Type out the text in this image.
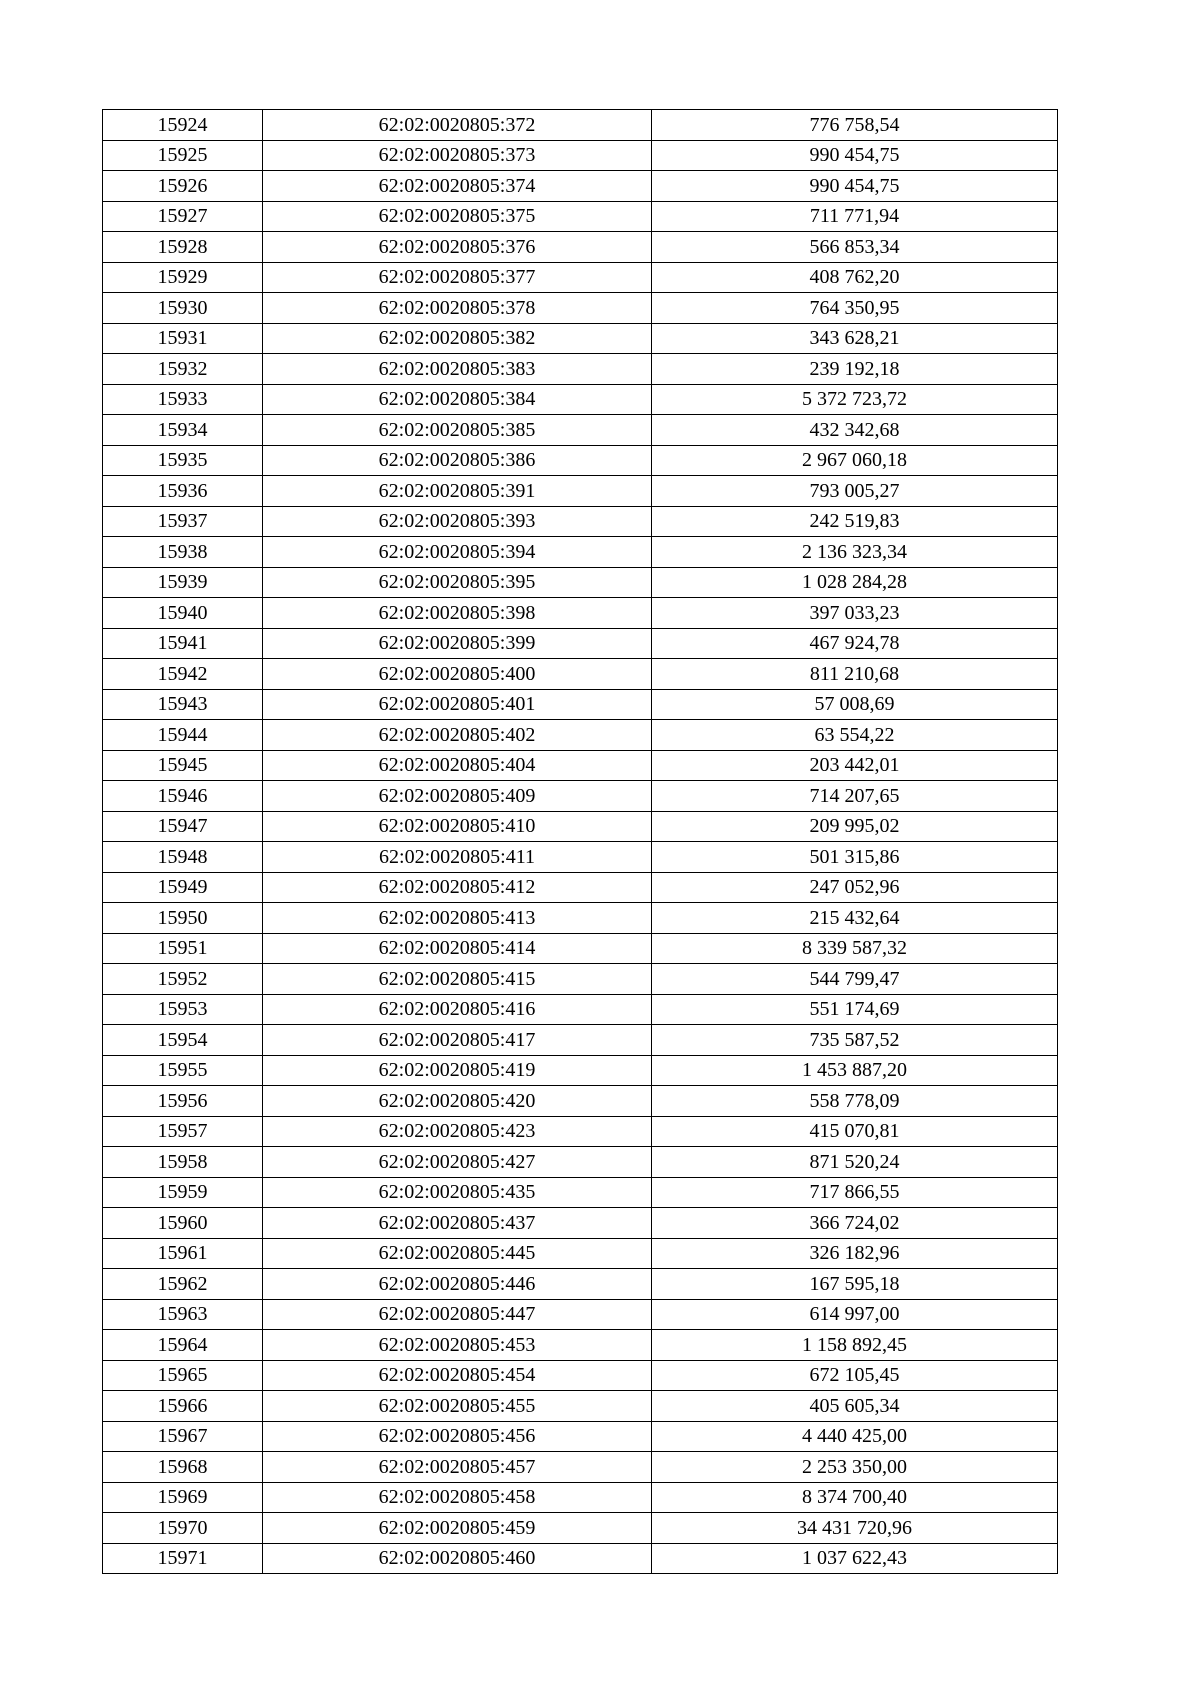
15924	62:02:0020805:372	776 758,54
15925	62:02:0020805:373	990 454,75
15926	62:02:0020805:374	990 454,75
15927	62:02:0020805:375	711 771,94
15928	62:02:0020805:376	566 853,34
15929	62:02:0020805:377	408 762,20
15930	62:02:0020805:378	764 350,95
15931	62:02:0020805:382	343 628,21
15932	62:02:0020805:383	239 192,18
15933	62:02:0020805:384	5 372 723,72
15934	62:02:0020805:385	432 342,68
15935	62:02:0020805:386	2 967 060,18
15936	62:02:0020805:391	793 005,27
15937	62:02:0020805:393	242 519,83
15938	62:02:0020805:394	2 136 323,34
15939	62:02:0020805:395	1 028 284,28
15940	62:02:0020805:398	397 033,23
15941	62:02:0020805:399	467 924,78
15942	62:02:0020805:400	811 210,68
15943	62:02:0020805:401	57 008,69
15944	62:02:0020805:402	63 554,22
15945	62:02:0020805:404	203 442,01
15946	62:02:0020805:409	714 207,65
15947	62:02:0020805:410	209 995,02
15948	62:02:0020805:411	501 315,86
15949	62:02:0020805:412	247 052,96
15950	62:02:0020805:413	215 432,64
15951	62:02:0020805:414	8 339 587,32
15952	62:02:0020805:415	544 799,47
15953	62:02:0020805:416	551 174,69
15954	62:02:0020805:417	735 587,52
15955	62:02:0020805:419	1 453 887,20
15956	62:02:0020805:420	558 778,09
15957	62:02:0020805:423	415 070,81
15958	62:02:0020805:427	871 520,24
15959	62:02:0020805:435	717 866,55
15960	62:02:0020805:437	366 724,02
15961	62:02:0020805:445	326 182,96
15962	62:02:0020805:446	167 595,18
15963	62:02:0020805:447	614 997,00
15964	62:02:0020805:453	1 158 892,45
15965	62:02:0020805:454	672 105,45
15966	62:02:0020805:455	405 605,34
15967	62:02:0020805:456	4 440 425,00
15968	62:02:0020805:457	2 253 350,00
15969	62:02:0020805:458	8 374 700,40
15970	62:02:0020805:459	34 431 720,96
15971	62:02:0020805:460	1 037 622,43
